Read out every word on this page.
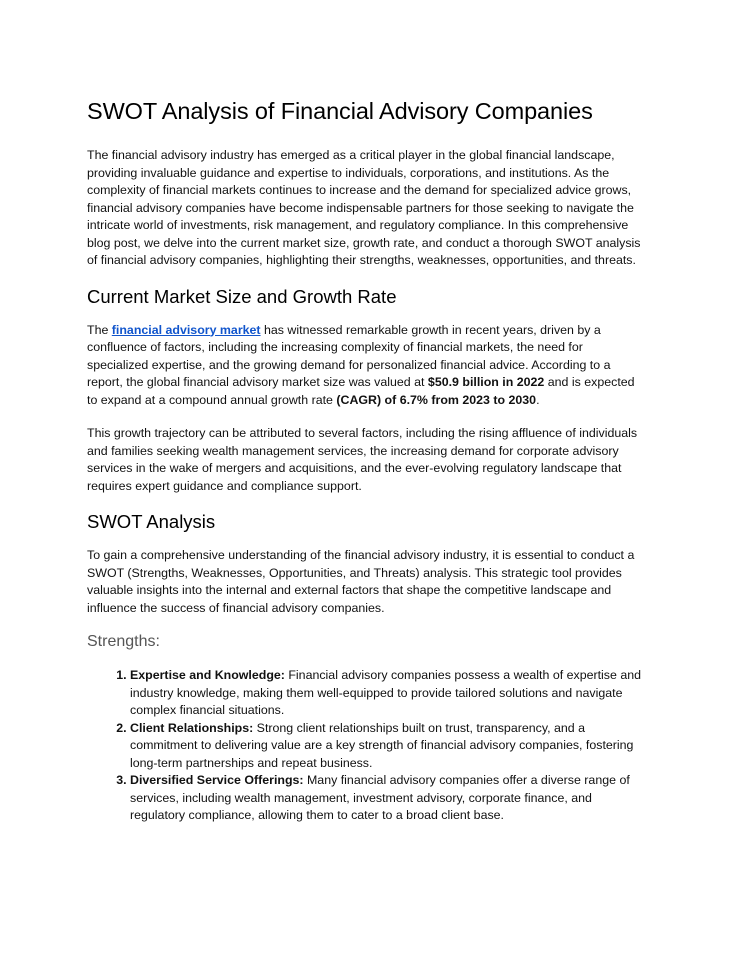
SWOT Analysis of Financial Advisory Companies

The financial advisory industry has emerged as a critical player in the global financial landscape, providing invaluable guidance and expertise to individuals, corporations, and institutions. As the complexity of financial markets continues to increase and the demand for specialized advice grows, financial advisory companies have become indispensable partners for those seeking to navigate the intricate world of investments, risk management, and regulatory compliance. In this comprehensive blog post, we delve into the current market size, growth rate, and conduct a thorough SWOT analysis of financial advisory companies, highlighting their strengths, weaknesses, opportunities, and threats.

Current Market Size and Growth Rate

The financial advisory market has witnessed remarkable growth in recent years, driven by a confluence of factors, including the increasing complexity of financial markets, the need for specialized expertise, and the growing demand for personalized financial advice. According to a report, the global financial advisory market size was valued at $50.9 billion in 2022 and is expected to expand at a compound annual growth rate (CAGR) of 6.7% from 2023 to 2030.

This growth trajectory can be attributed to several factors, including the rising affluence of individuals and families seeking wealth management services, the increasing demand for corporate advisory services in the wake of mergers and acquisitions, and the ever-evolving regulatory landscape that requires expert guidance and compliance support.

SWOT Analysis

To gain a comprehensive understanding of the financial advisory industry, it is essential to conduct a SWOT (Strengths, Weaknesses, Opportunities, and Threats) analysis. This strategic tool provides valuable insights into the internal and external factors that shape the competitive landscape and influence the success of financial advisory companies.

Strengths:
1. Expertise and Knowledge: Financial advisory companies possess a wealth of expertise and industry knowledge, making them well-equipped to provide tailored solutions and navigate complex financial situations.
2. Client Relationships: Strong client relationships built on trust, transparency, and a commitment to delivering value are a key strength of financial advisory companies, fostering long-term partnerships and repeat business.
3. Diversified Service Offerings: Many financial advisory companies offer a diverse range of services, including wealth management, investment advisory, corporate finance, and regulatory compliance, allowing them to cater to a broad client base.
